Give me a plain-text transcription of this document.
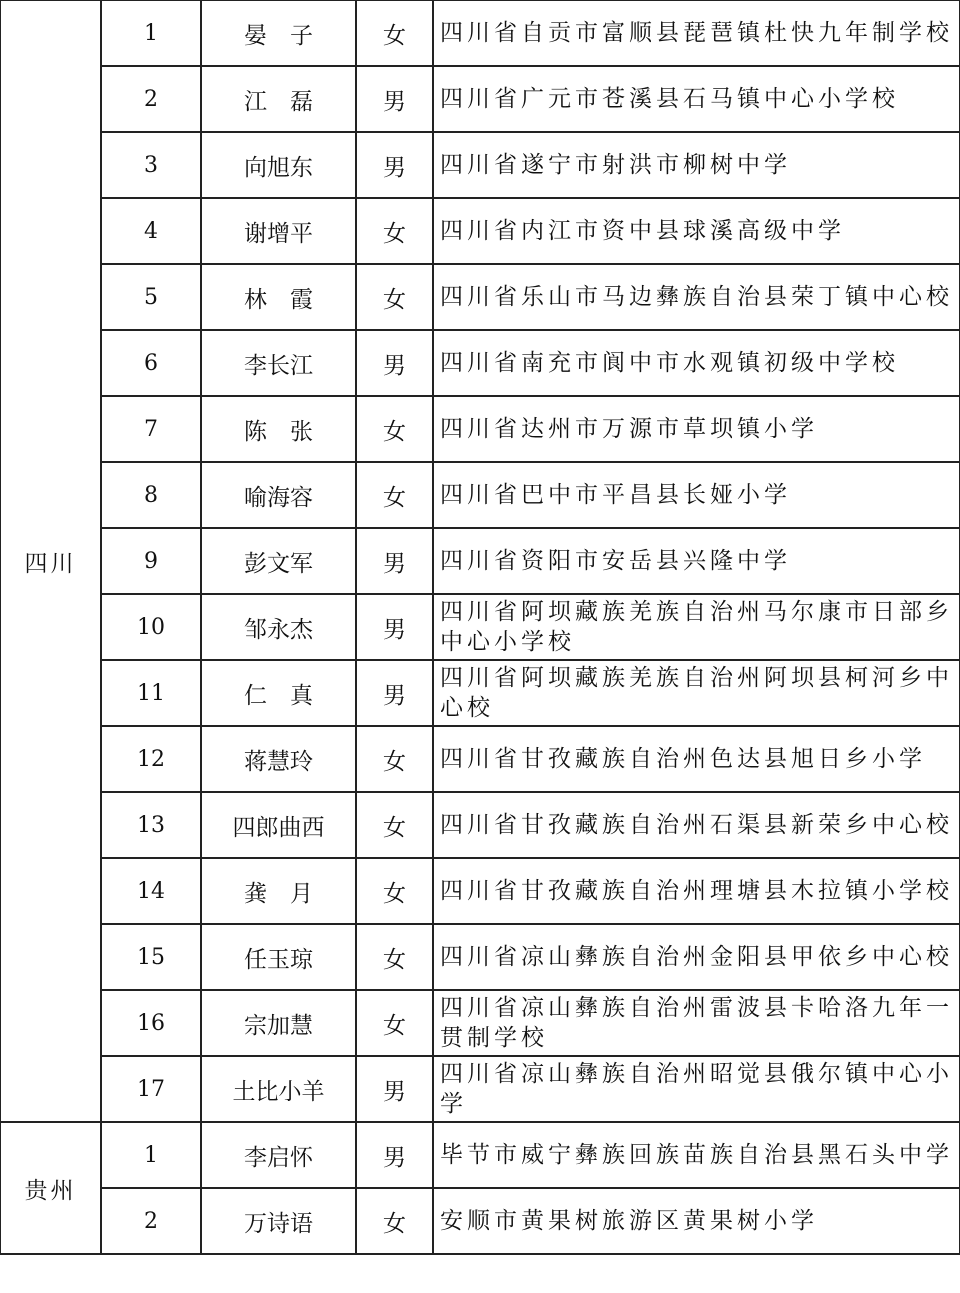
四川	1	晏　子	女	四川省自贡市富顺县琵琶镇杜快九年制学校
	2	江　磊	男	四川省广元市苍溪县石马镇中心小学校
	3	向旭东	男	四川省遂宁市射洪市柳树中学
	4	谢增平	女	四川省内江市资中县球溪高级中学
	5	林　霞	女	四川省乐山市马边彝族自治县荣丁镇中心校
	6	李长江	男	四川省南充市阆中市水观镇初级中学校
	7	陈　张	女	四川省达州市万源市草坝镇小学
	8	喻海容	女	四川省巴中市平昌县长娅小学
	9	彭文军	男	四川省资阳市安岳县兴隆中学
	10	邹永杰	男	四川省阿坝藏族羌族自治州马尔康市日部乡中心小学校
	11	仁　真	男	四川省阿坝藏族羌族自治州阿坝县柯河乡中心校
	12	蒋慧玲	女	四川省甘孜藏族自治州色达县旭日乡小学
	13	四郎曲西	女	四川省甘孜藏族自治州石渠县新荣乡中心校
	14	龚　月	女	四川省甘孜藏族自治州理塘县木拉镇小学校
	15	任玉琼	女	四川省凉山彝族自治州金阳县甲依乡中心校
	16	宗加慧	女	四川省凉山彝族自治州雷波县卡哈洛九年一贯制学校
	17	土比小羊	男	四川省凉山彝族自治州昭觉县俄尔镇中心小学
贵州	1	李启怀	男	毕节市威宁彝族回族苗族自治县黑石头中学
	2	万诗语	女	安顺市黄果树旅游区黄果树小学
